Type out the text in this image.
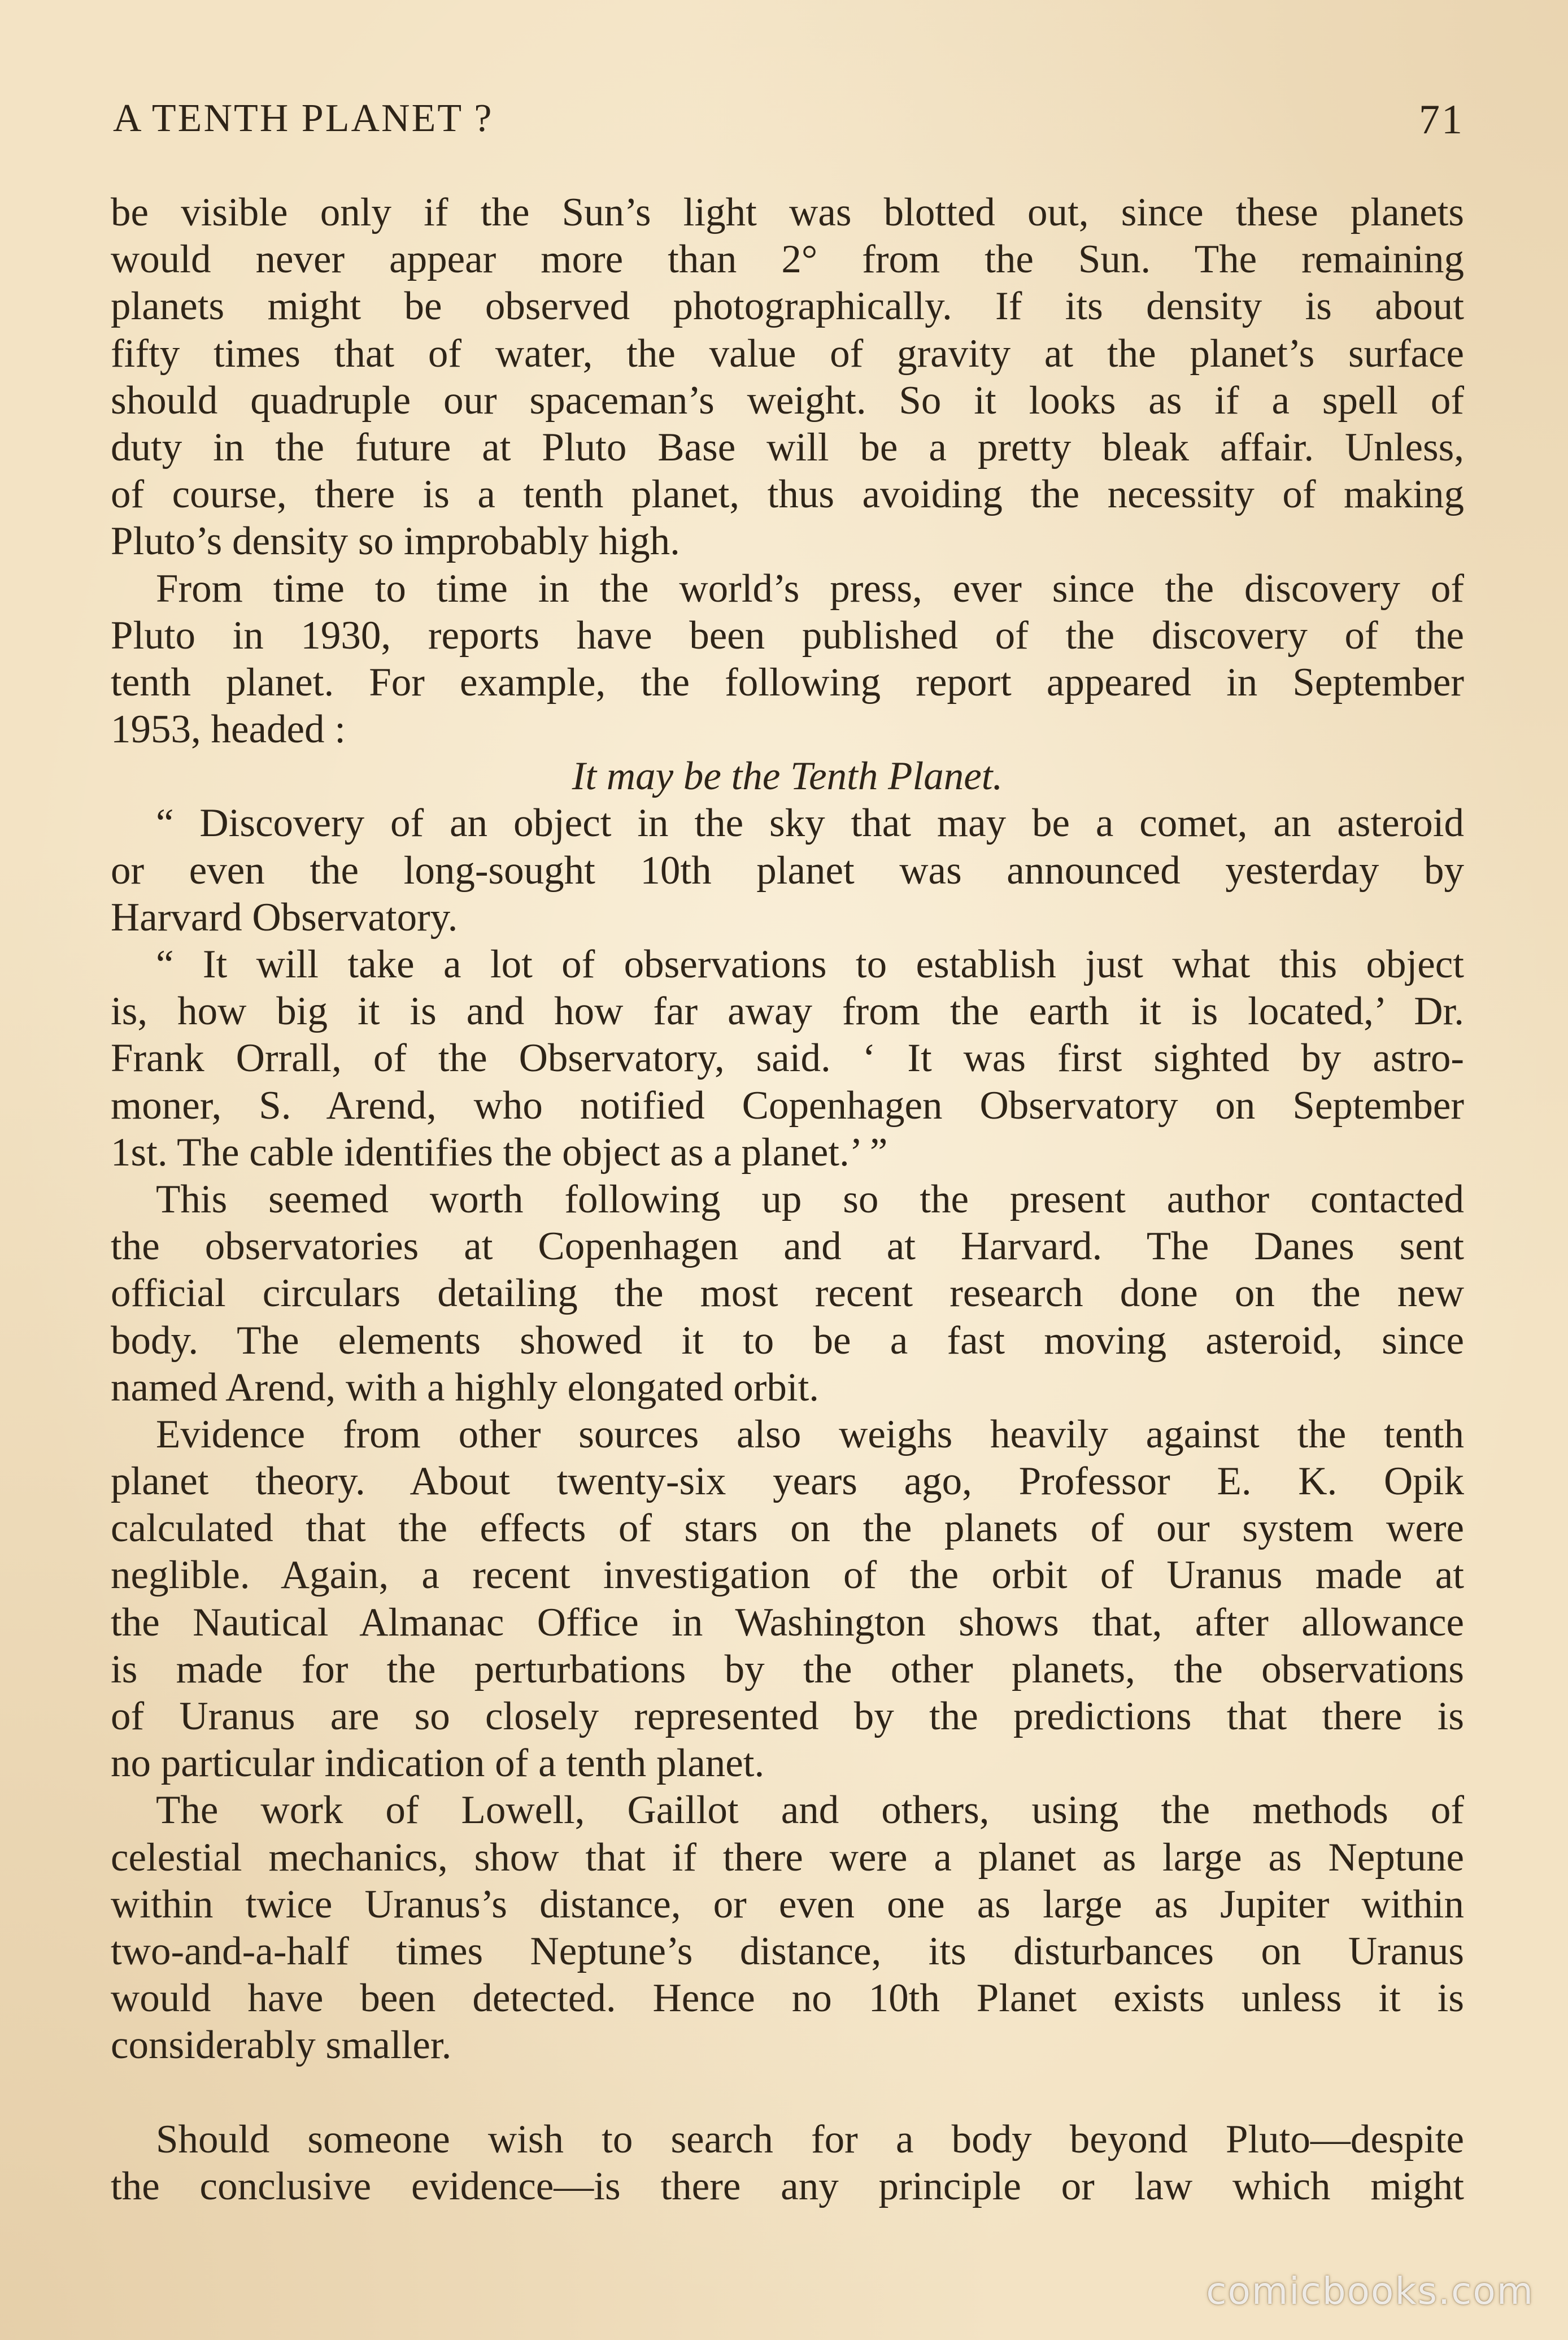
A TENTH PLANET ?	71
be visible only if the Sun’s light was blotted out, since these planets
would never appear more than 2° from the Sun. The remaining
planets might be observed photographically. If its density is about
fifty times that of water, the value of gravity at the planet’s surface
should quadruple our spaceman’s weight. So it looks as if a spell of
duty in the future at Pluto Base will be a pretty bleak affair. Unless,
of course, there is a tenth planet, thus avoiding the necessity of making
Pluto’s density so improbably high.
From time to time in the world’s press, ever since the discovery of
Pluto in 1930, reports have been published of the discovery of the
tenth planet. For example, the following report appeared in September
1953, headed :
It may be the Tenth Planet.
“ Discovery of an object in the sky that may be a comet, an asteroid
or even the long-sought 10th planet was announced yesterday by
Harvard Observatory.
“ It will take a lot of observations to establish just what this object
is, how big it is and how far away from the earth it is located,’ Dr.
Frank Orrall, of the Observatory, said. ‘ It was first sighted by astro-
moner, S. Arend, who notified Copenhagen Observatory on September
1st. The cable identifies the object as a planet.’ ”
This seemed worth following up so the present author contacted
the observatories at Copenhagen and at Harvard. The Danes sent
official circulars detailing the most recent research done on the new
body. The elements showed it to be a fast moving asteroid, since
named Arend, with a highly elongated orbit.
Evidence from other sources also weighs heavily against the tenth
planet theory. About twenty-six years ago, Professor E. K. Opik
calculated that the effects of stars on the planets of our system were
neglible. Again, a recent investigation of the orbit of Uranus made at
the Nautical Almanac Office in Washington shows that, after allowance
is made for the perturbations by the other planets, the observations
of Uranus are so closely represented by the predictions that there is
no particular indication of a tenth planet.
The work of Lowell, Gaillot and others, using the methods of
celestial mechanics, show that if there were a planet as large as Neptune
within twice Uranus’s distance, or even one as large as Jupiter within
two-and-a-half times Neptune’s distance, its disturbances on Uranus
would have been detected. Hence no 10th Planet exists unless it is
considerably smaller.
Should someone wish to search for a body beyond Pluto—despite
the conclusive evidence—is there any principle or law which might
comicbooks.com
